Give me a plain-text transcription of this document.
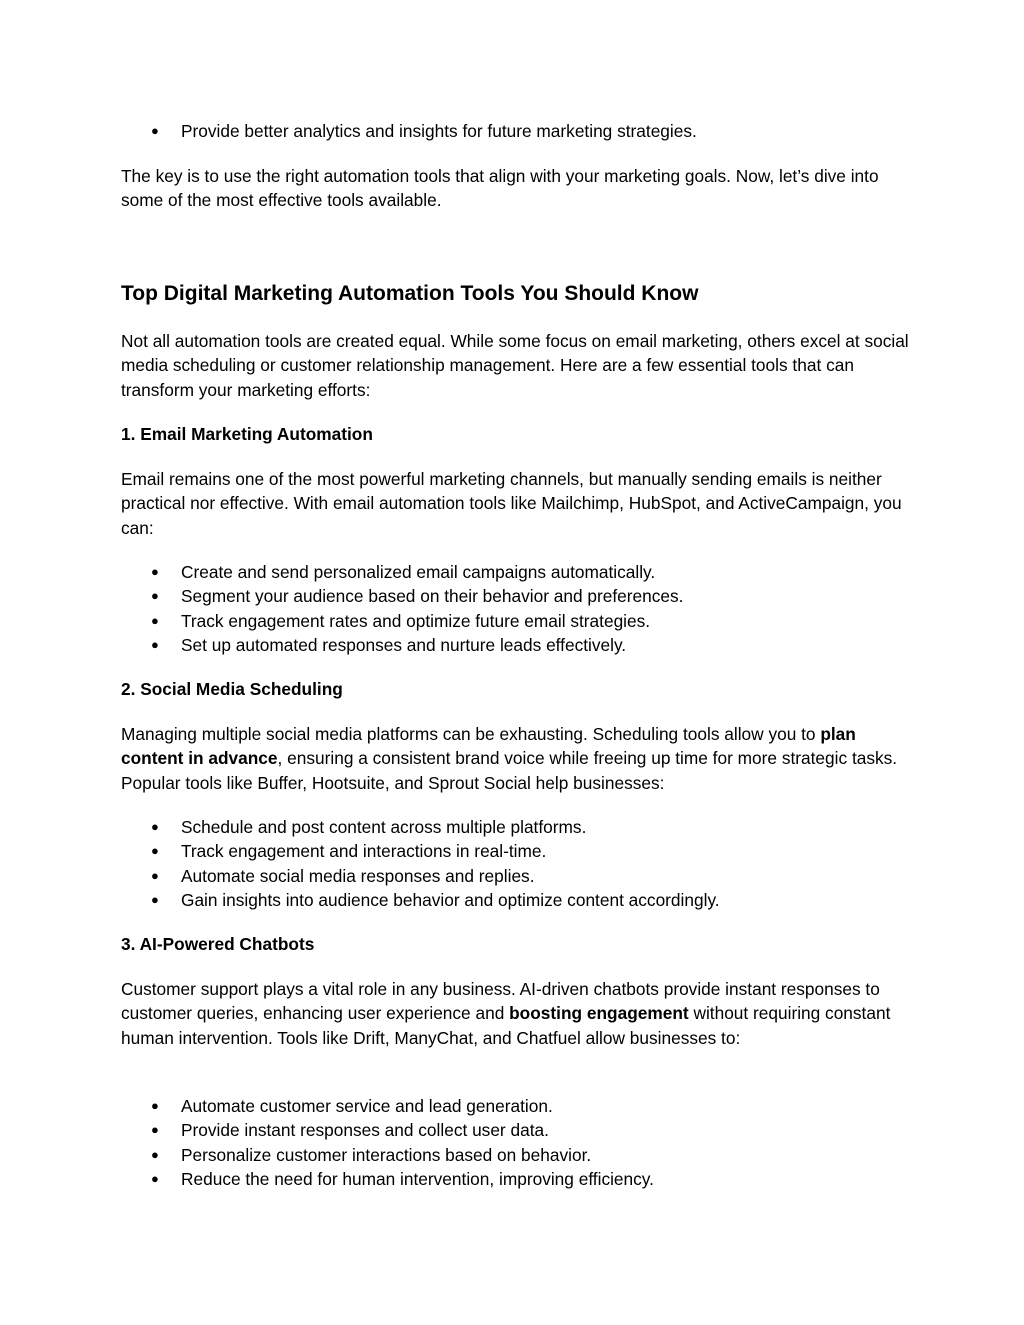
● Provide better analytics and insights for future marketing strategies.

The key is to use the right automation tools that align with your marketing goals. Now, let’s dive into some of the most effective tools available.

Top Digital Marketing Automation Tools You Should Know

Not all automation tools are created equal. While some focus on email marketing, others excel at social media scheduling or customer relationship management. Here are a few essential tools that can transform your marketing efforts:

1. Email Marketing Automation

Email remains one of the most powerful marketing channels, but manually sending emails is neither practical nor effective. With email automation tools like Mailchimp, HubSpot, and ActiveCampaign, you can:

● Create and send personalized email campaigns automatically.
● Segment your audience based on their behavior and preferences.
● Track engagement rates and optimize future email strategies.
● Set up automated responses and nurture leads effectively.
2. Social Media Scheduling

Managing multiple social media platforms can be exhausting. Scheduling tools allow you to plan content in advance, ensuring a consistent brand voice while freeing up time for more strategic tasks. Popular tools like Buffer, Hootsuite, and Sprout Social help businesses:

● Schedule and post content across multiple platforms.
● Track engagement and interactions in real-time.
● Automate social media responses and replies.
● Gain insights into audience behavior and optimize content accordingly.
3. AI-Powered Chatbots

Customer support plays a vital role in any business. AI-driven chatbots provide instant responses to customer queries, enhancing user experience and boosting engagement without requiring constant human intervention. Tools like Drift, ManyChat, and Chatfuel allow businesses to:

● Automate customer service and lead generation.
● Provide instant responses and collect user data.
● Personalize customer interactions based on behavior.
● Reduce the need for human intervention, improving efficiency.
